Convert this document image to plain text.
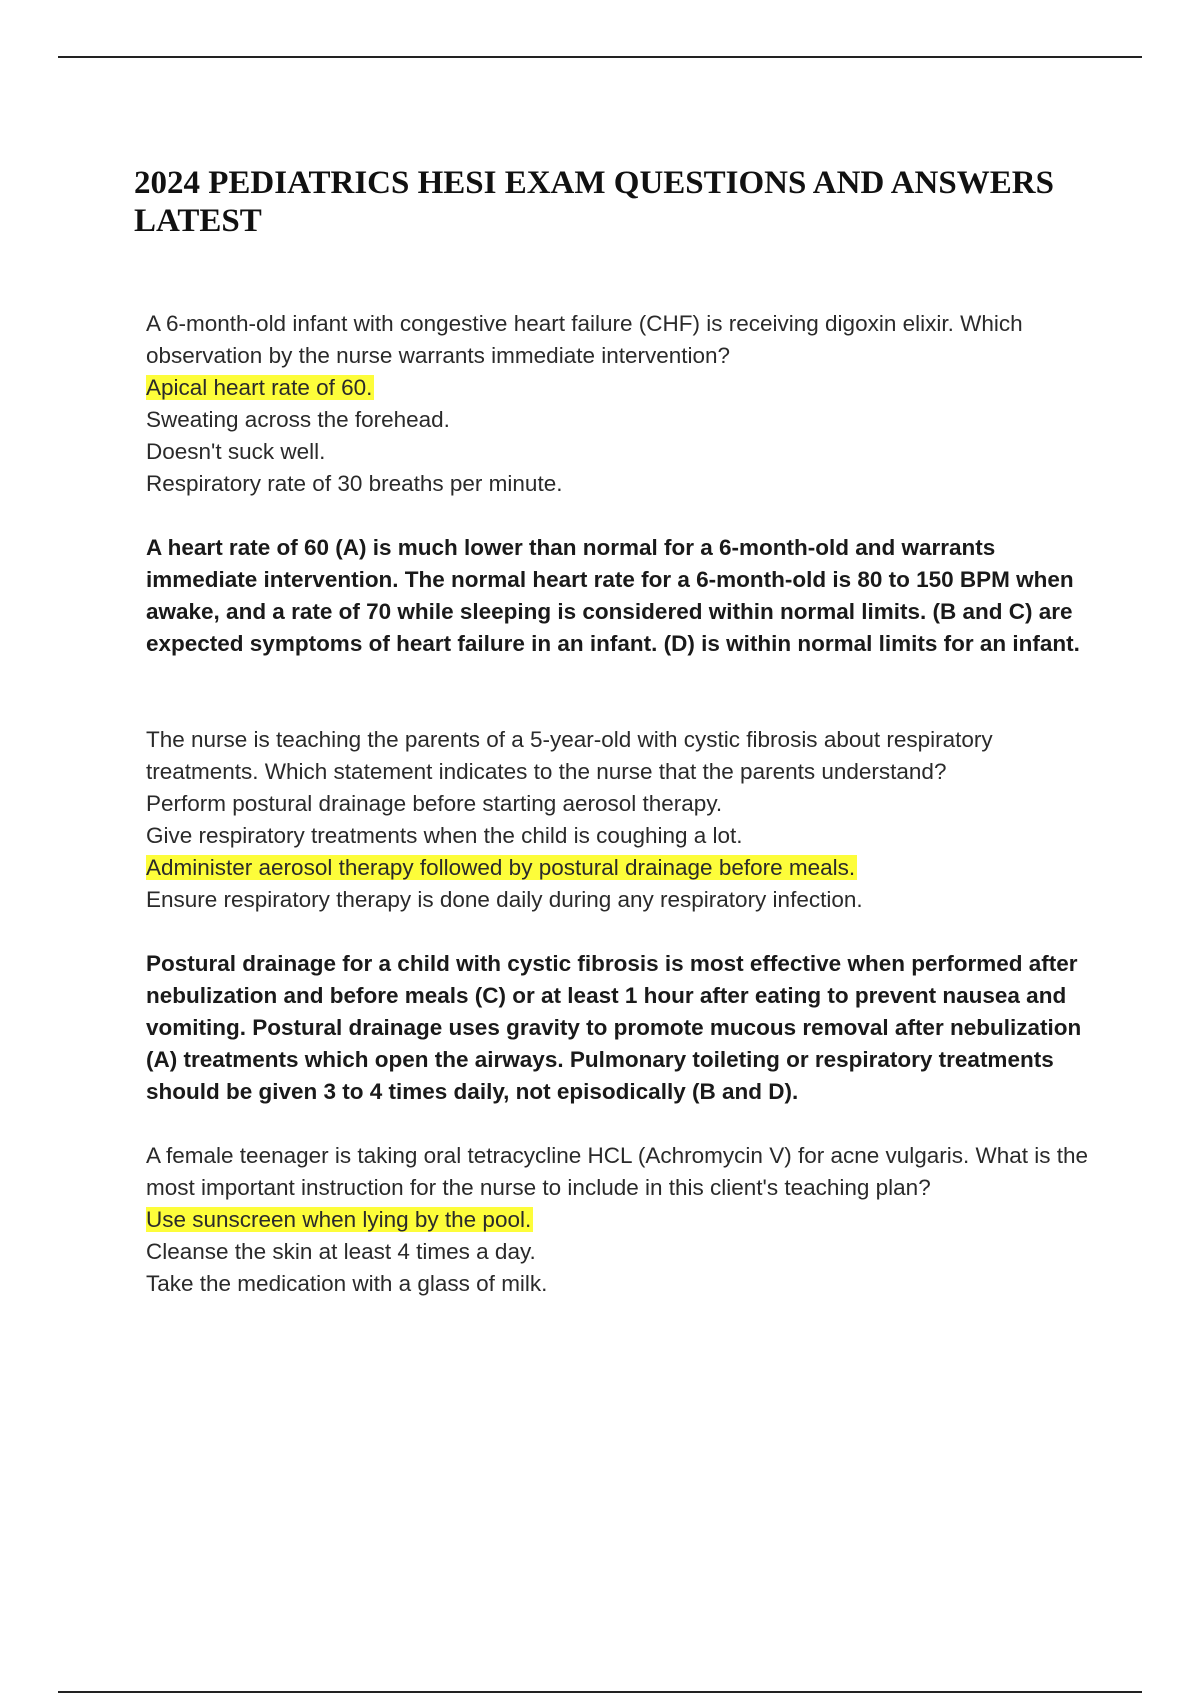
2024 PEDIATRICS HESI EXAM QUESTIONS AND ANSWERS LATEST

A 6-month-old infant with congestive heart failure (CHF) is receiving digoxin elixir. Which observation by the nurse warrants immediate intervention?

Apical heart rate of 60.
Sweating across the forehead.
Doesn't suck well.
Respiratory rate of 30 breaths per minute.

A heart rate of 60 (A) is much lower than normal for a 6-month-old and warrants immediate intervention. The normal heart rate for a 6-month-old is 80 to 150 BPM when awake, and a rate of 70 while sleeping is considered within normal limits. (B and C) are expected symptoms of heart failure in an infant. (D) is within normal limits for an infant.

The nurse is teaching the parents of a 5-year-old with cystic fibrosis about respiratory treatments. Which statement indicates to the nurse that the parents understand?

Perform postural drainage before starting aerosol therapy.
Give respiratory treatments when the child is coughing a lot.
Administer aerosol therapy followed by postural drainage before meals.
Ensure respiratory therapy is done daily during any respiratory infection.

Postural drainage for a child with cystic fibrosis is most effective when performed after nebulization and before meals (C) or at least 1 hour after eating to prevent nausea and vomiting. Postural drainage uses gravity to promote mucous removal after nebulization (A) treatments which open the airways. Pulmonary toileting or respiratory treatments should be given 3 to 4 times daily, not episodically (B and D).

A female teenager is taking oral tetracycline HCL (Achromycin V) for acne vulgaris. What is the most important instruction for the nurse to include in this client's teaching plan?

Use sunscreen when lying by the pool.
Cleanse the skin at least 4 times a day.
Take the medication with a glass of milk.
